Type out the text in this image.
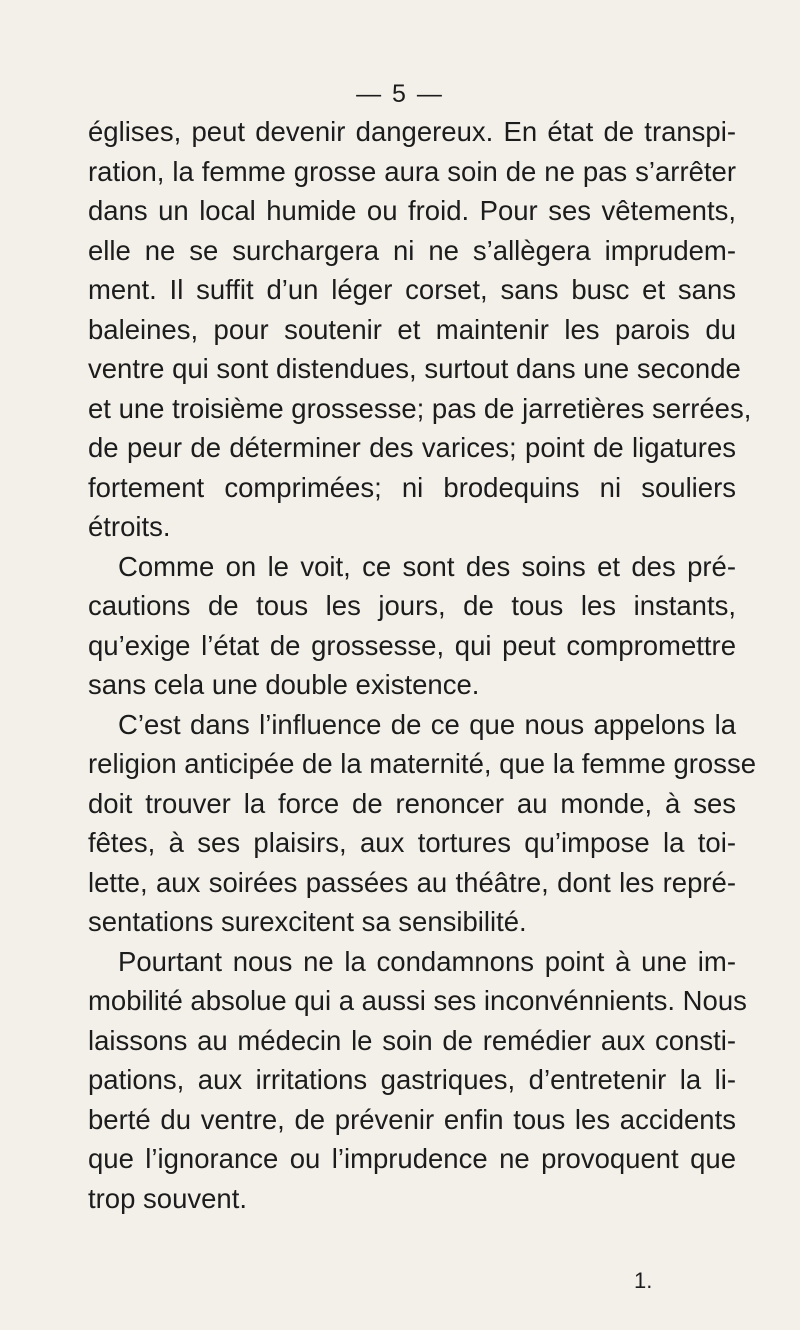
— 5 —
églises, peut devenir dangereux. En état de transpi-
ration, la femme grosse aura soin de ne pas s’arrêter
dans un local humide ou froid. Pour ses vêtements,
elle ne se surchargera ni ne s’allègera imprudem-
ment. Il suffit d’un léger corset, sans busc et sans
baleines, pour soutenir et maintenir les parois du
ventre qui sont distendues, surtout dans une seconde
et une troisième grossesse; pas de jarretières serrées,
de peur de déterminer des varices; point de ligatures
fortement comprimées; ni brodequins ni souliers
étroits.
Comme on le voit, ce sont des soins et des pré-
cautions de tous les jours, de tous les instants,
qu’exige l’état de grossesse, qui peut compromettre
sans cela une double existence.
C’est dans l’influence de ce que nous appelons la
religion anticipée de la maternité, que la femme grosse
doit trouver la force de renoncer au monde, à ses
fêtes, à ses plaisirs, aux tortures qu’impose la toi-
lette, aux soirées passées au théâtre, dont les repré-
sentations surexcitent sa sensibilité.
Pourtant nous ne la condamnons point à une im-
mobilité absolue qui a aussi ses inconvénnients. Nous
laissons au médecin le soin de remédier aux consti-
pations, aux irritations gastriques, d’entretenir la li-
berté du ventre, de prévenir enfin tous les accidents
que l’ignorance ou l’imprudence ne provoquent que
trop souvent.
1.
